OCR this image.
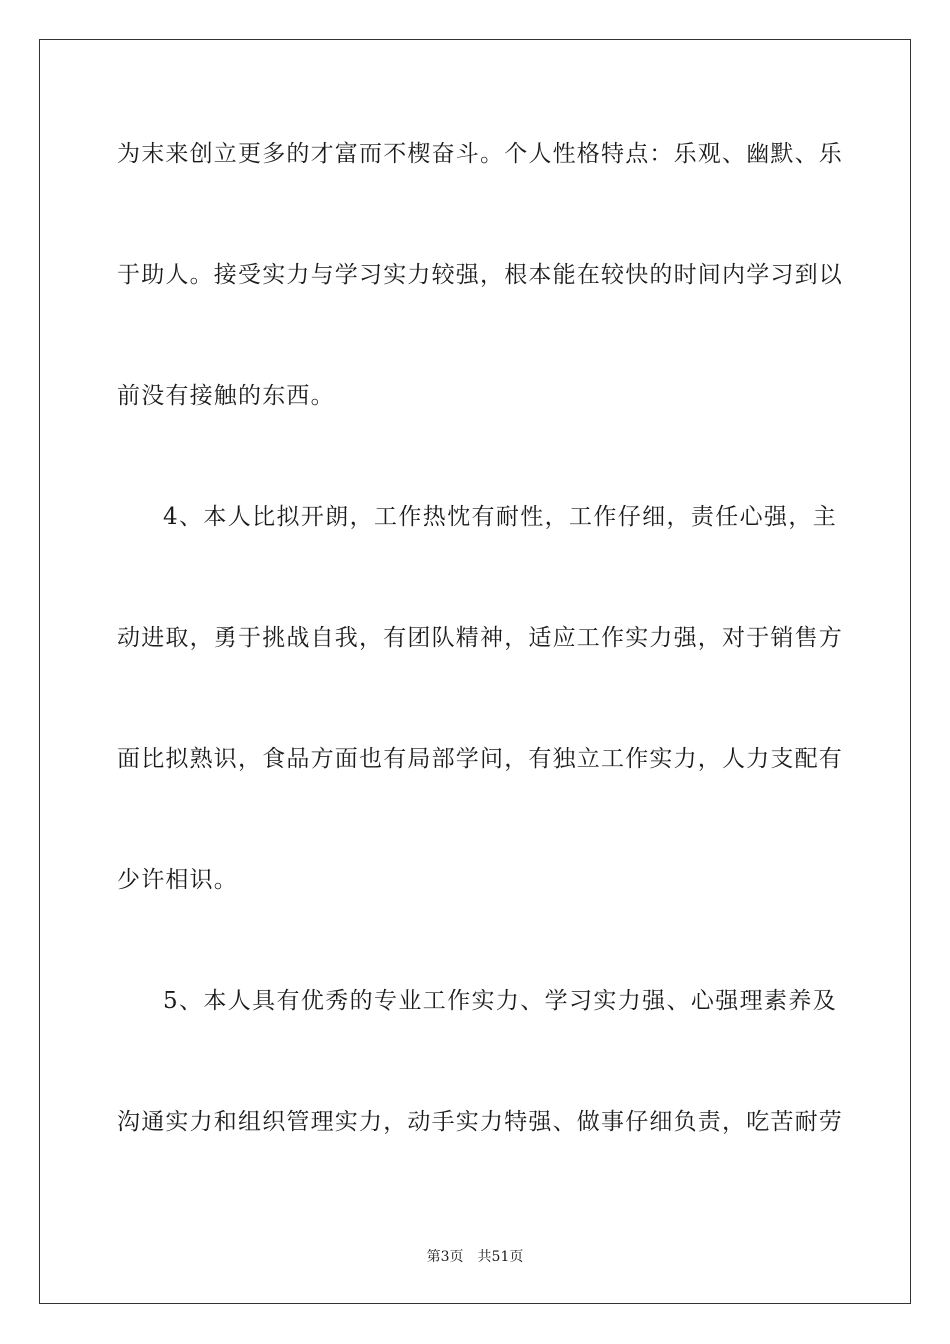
为末来创立更多的才富而不楔奋斗。个人性格特点：乐观、幽默、乐
于助人。接受实力与学习实力较强，根本能在较快的时间内学习到以
前没有接触的东西。
4、本人比拟开朗，工作热忱有耐性，工作仔细，责任心强，主
动进取，勇于挑战自我，有团队精神，适应工作实力强，对于销售方
面比拟熟识，食品方面也有局部学问，有独立工作实力，人力支配有
少许相识。
5、本人具有优秀的专业工作实力、学习实力强、心强理素养及
沟通实力和组织管理实力，动手实力特强、做事仔细负责，吃苦耐劳
第3页 共51页
